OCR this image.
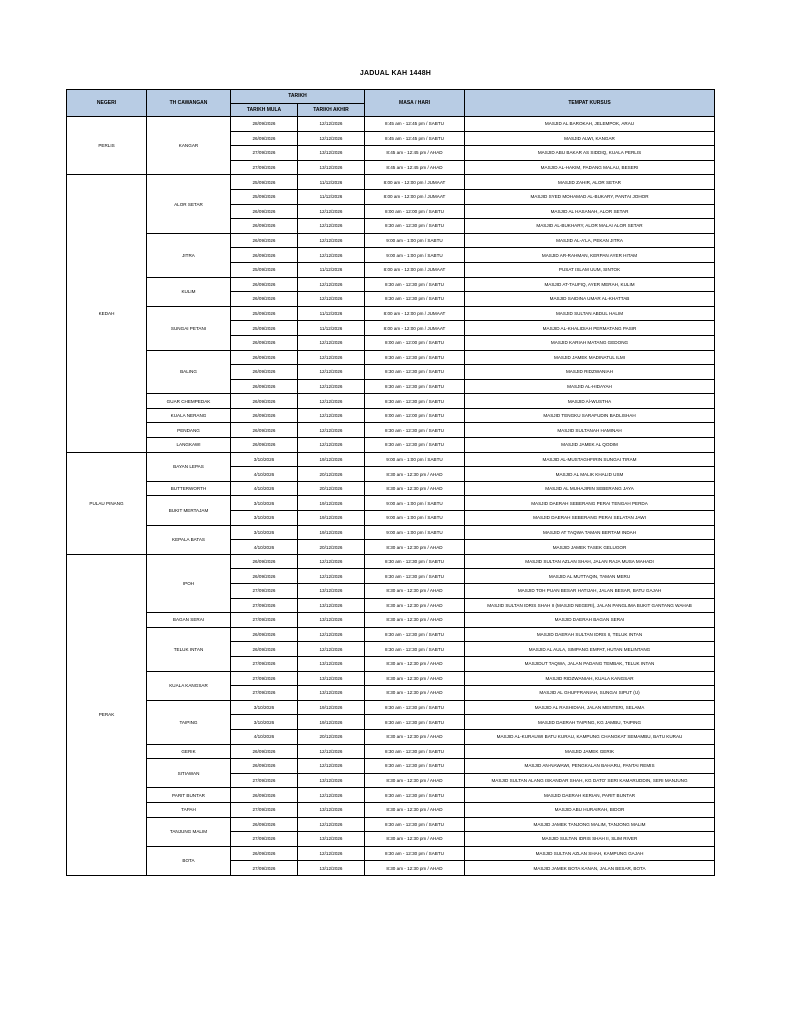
JADUAL KAH 1448H
NEGERI	TH CAWANGAN	TARIKH		MASA / HARI	TEMPAT KURSUS
		TARIKH MULA	TARIKH AKHIR		
PERLIS	KANGAR	28/09/2026	12/12/2026	8:45 am - 12:45 pm / SABTU	MASJID AL BAROKAH, JELEMPOK, ARAU
		26/09/2026	12/12/2026	8:45 am - 12:45 pm / SABTU	MASJID ALWI, KANGAR
		27/09/2026	13/12/2026	8:45 am - 12:45 pm / AHAD	MASJID ABU BAKAR AS SIDDIQ, KUALA PERLIS
		27/09/2026	13/12/2026	8:45 am - 12:45 pm / AHAD	MASJID AL-HAKIM, PADANG MALAU, BESERI
KEDAH	ALOR SETAR	25/09/2026	11/12/2026	8:00 am - 12:00 pm / JUMAAT	MASJID ZAHIR, ALOR SETAR
		25/09/2026	11/12/2026	8:00 am - 12:00 pm / JUMAAT	MASJID SYED MOHAMAD AL-BUKARY, PANTAI JOHOR
		26/09/2026	12/12/2026	8:00 am - 12:00 pm / SABTU	MASJID AL HASANAH, ALOR SETAR
		26/09/2026	12/12/2026	8:30 am - 12:30 pm / SABTU	MASJID AL-BUKHARY, ALOR MALAI ALOR SETAR
	JITRA	26/09/2026	12/12/2026	9:00 am - 1:00 pm / SABTU	MASJID AL-A'LA, PEKAN JITRA
		26/09/2026	12/12/2026	9:00 am - 1:00 pm / SABTU	MASJID AR-RAHMAN, KERPAN AYER HITAM
		25/09/2026	11/12/2026	8:00 am - 12:00 pm / JUMAAT	PUSAT ISLAM UUM, SINTOK
	KULIM	26/09/2026	12/12/2026	8:30 am - 12:30 pm / SABTU	MASJID AT-TAUFIQ, AYER MERAH, KULIM
		26/09/2026	12/12/2026	8:30 am - 12:30 pm / SABTU	MASJID SAIDINA UMAR AL-KHATTAB
	SUNGAI PETANI	25/09/2026	11/12/2026	8:00 am - 12:00 pm / JUMAAT	MASJID SULTAN ABDUL HALIM
		25/09/2026	11/12/2026	8:00 am - 12:00 pm / JUMAAT	MASJID AL-KHALIDIAH PERMATANG PASIR
		26/09/2026	12/12/2026	8:00 am - 12:00 pm / SABTU	MASJID KARIAH MATANG GEDONG
	BALING	26/09/2026	12/12/2026	8:30 am - 12:30 pm / SABTU	MASJID JAMEK MADINATUL ILMI
		26/09/2026	12/12/2026	8:30 am - 12:30 pm / SABTU	MASJID RIDZWANIAH
		26/09/2026	12/12/2026	8:30 am - 12:30 pm / SABTU	MASJID AL-HIDAYAH
	GUAR CHEMPEDAK	26/09/2026	12/12/2026	8:30 am - 12:30 pm / SABTU	MASJID Al-WUSTHA
	KUALA NERANG	26/09/2026	12/12/2026	8:00 am - 12:00 pm / SABTU	MASJID TENGKU SARAFUDIN BADLISHAH
	PENDANG	26/09/2026	12/12/2026	8:30 am - 12:30 pm / SABTU	MASJID SULTANAH HAMINAH
	LANGKAWI	26/09/2026	12/12/2026	8:30 am - 12:30 pm / SABTU	MASJID JAMEK AL QODIM
PULAU PINANG	BAYAN LEPAS	3/10/2026	19/12/2026	9:00 am - 1:00 pm / SABTU	MASJID AL-MUSTAGHFIRIN SUNGAI TIRAM
		4/10/2026	20/12/2026	8:30 am - 12:30 pm / AHAD	MASJID AL MALIK KHALID USM
	BUTTERWORTH	4/10/2026	20/12/2026	8:30 am - 12:30 pm / AHAD	MASJID AL MUHAJIRIN SEBERANG JAYA
	BUKIT MERTAJAM	3/10/2026	19/12/2026	9:00 am - 1:00 pm / SABTU	MASJID DAERAH SEBERANG PERAI TENGAH PERDA
		3/10/2026	19/12/2026	9:00 am - 1:00 pm / SABTU	MASJID DAERAH SEBERANG PERAI SELATAN JAWI
	KEPALA BATAS	3/10/2026	19/12/2026	9:00 am - 1:00 pm / SABTU	MASJID AT TAQWA TAMAN BERTAM INDAH
		4/10/2026	20/12/2026	8:30 am - 12:30 pm / AHAD	MASJID JAMEK TASEK GELUGOR
PERAK	IPOH	26/09/2026	12/12/2026	8:30 am - 12:30 pm / SABTU	MASJID SULTAN AZLAN SHAH, JALAN RAJA MUSA MAHADI
		26/09/2026	12/12/2026	8:30 am - 12:30 pm / SABTU	MASJID AL MUTTAQIN, TAMAN MERU
		27/09/2026	13/12/2026	8:30 am - 12:30 pm / AHAD	MASJID TOH PUAN BESAR HATIJAH, JALAN BESAR, BATU GAJAH
		27/09/2026	13/12/2026	8:30 am - 12:30 pm / AHAD	MASJID SULTAN IDRIS SHAH II (MASJID NEGERI), JALAN PANGLIMA BUKIT GANTANG WAHAB
	BAGAN SERAI	27/09/2026	13/12/2026	8:30 am - 12:30 pm / AHAD	MASJID DAERAH BAGAN SERAI
	TELUK INTAN	26/09/2026	12/12/2026	8:30 am - 12:30 pm / SABTU	MASJID DAERAH SULTAN IDRIS II, TELUK INTAN
		26/09/2026	12/12/2026	8:30 am - 12:30 pm / SABTU	MASJID AL AULA, SIMPANG EMPAT, HUTAN MELINTANG
		27/09/2026	13/12/2026	8:30 am - 12:30 pm / AHAD	MASJIDUT TAQWA, JALAN PADANG TEMBAK, TELUK INTAN
	KUALA KANGSAR	27/09/2026	13/12/2026	8:30 am - 12:30 pm / AHAD	MASJID RIDZWANIAH, KUALA KANGSAR
		27/09/2026	13/12/2026	8:30 am - 12:30 pm / AHAD	MASJID AL GHUFFRANIAH, SUNGAI SIPUT (U)
	TAIPING	3/10/2026	19/12/2026	8:30 am - 12:30 pm / SABTU	MASJID AL RASHIDIAH, JALAN MENTERI, SELAMA
		3/10/2026	19/12/2026	8:30 am - 12:30 pm / SABTU	MASJID DAERAH TAIPING, KG JAMBU, TAIPING
		4/10/2026	20/12/2026	8:30 am - 12:30 pm / AHAD	MASJID AL-KURAUWI BATU KURAU, KAMPUNG CHANGKAT SEMAMBU, BATU KURAU
	GERIK	26/09/2026	12/12/2026	8:30 am - 12:30 pm / SABTU	MASJID JAMEK GERIK
	SITIAWAN	26/09/2026	12/12/2026	8:30 am - 12:30 pm / SABTU	MASJID AN-NAWAWI, PENGKALAN BAHARU, PANTAI REMIS
		27/09/2026	13/12/2026	8:30 am - 12:30 pm / AHAD	MASJID SULTAN ALANG ISKANDAR SHAH, KG DATO' SERI KAMARUDDIN, SERI MANJUNG
	PARIT BUNTAR	26/09/2026	12/12/2026	8:30 am - 12:30 pm / SABTU	MASJID DAERAH KERIAN, PARIT BUNTAR
	TAPAH	27/09/2026	13/12/2026	8:30 am - 12:30 pm / AHAD	MASJID ABU HURAIRAH, BIDOR
	TANJUNG MALIM	26/09/2026	12/12/2026	8:30 am - 12:30 pm / SABTU	MASJID JAMEK TANJONG MALIM, TANJONG MALIM
		27/09/2026	13/12/2026	8:30 am - 12:30 pm / AHAD	MASJID SULTAN IDRIS SHAH II, SLIM RIVER
	BOTA	26/09/2026	12/12/2026	8:30 am - 12:30 pm / SABTU	MASJID SULTAN AZLAN SHAH, KAMPUNG GAJAH
		27/09/2026	13/12/2026	8:30 am - 12:30 pm / AHAD	MASJID JAMEK BOTA KANAN, JALAN BESAR, BOTA
